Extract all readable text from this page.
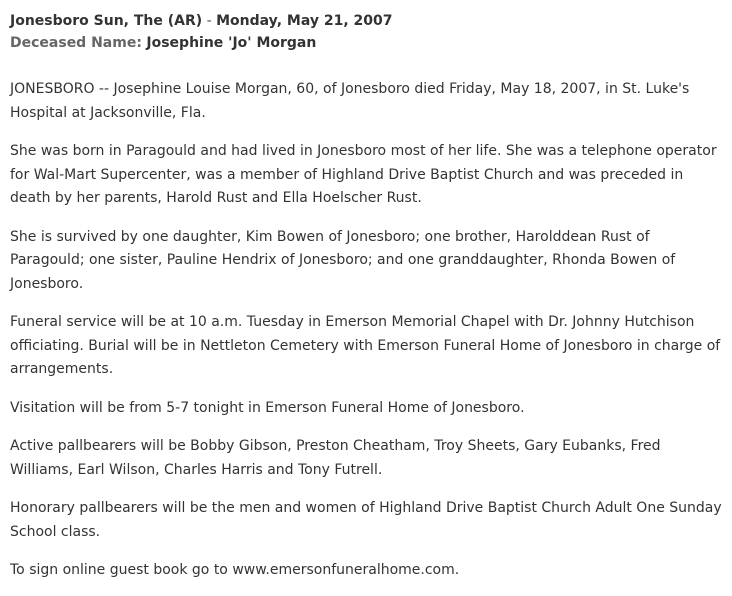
Jonesboro Sun, The (AR) - Monday, May 21, 2007
Deceased Name: Josephine 'Jo' Morgan

JONESBORO -- Josephine Louise Morgan, 60, of Jonesboro died Friday, May 18, 2007, in St. Luke's Hospital at Jacksonville, Fla.

She was born in Paragould and had lived in Jonesboro most of her life. She was a telephone operator for Wal-Mart Supercenter, was a member of Highland Drive Baptist Church and was preceded in death by her parents, Harold Rust and Ella Hoelscher Rust.

She is survived by one daughter, Kim Bowen of Jonesboro; one brother, Harolddean Rust of Paragould; one sister, Pauline Hendrix of Jonesboro; and one granddaughter, Rhonda Bowen of Jonesboro.

Funeral service will be at 10 a.m. Tuesday in Emerson Memorial Chapel with Dr. Johnny Hutchison officiating. Burial will be in Nettleton Cemetery with Emerson Funeral Home of Jonesboro in charge of arrangements.

Visitation will be from 5-7 tonight in Emerson Funeral Home of Jonesboro.

Active pallbearers will be Bobby Gibson, Preston Cheatham, Troy Sheets, Gary Eubanks, Fred Williams, Earl Wilson, Charles Harris and Tony Futrell.

Honorary pallbearers will be the men and women of Highland Drive Baptist Church Adult One Sunday School class.

To sign online guest book go to www.emersonfuneralhome.com.
